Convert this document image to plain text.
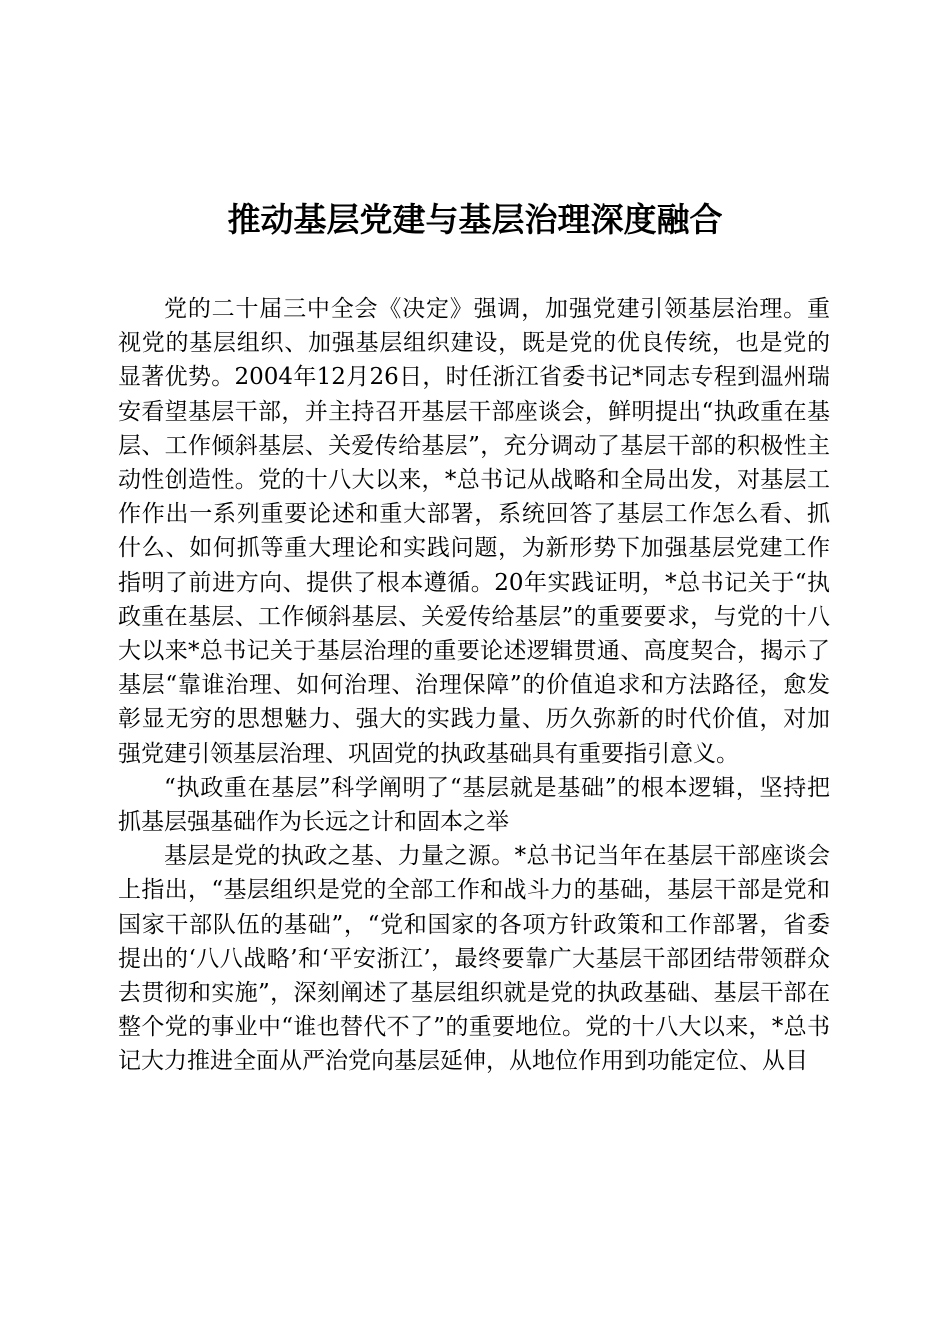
推动基层党建与基层治理深度融合

党的二十届三中全会《决定》强调，加强党建引领基层治理。重视党的基层组织、加强基层组织建设，既是党的优良传统，也是党的显著优势。2004年12月26日，时任浙江省委书记*同志专程到温州瑞安看望基层干部，并主持召开基层干部座谈会，鲜明提出“执政重在基层、工作倾斜基层、关爱传给基层”，充分调动了基层干部的积极性主动性创造性。党的十八大以来，*总书记从战略和全局出发，对基层工作作出一系列重要论述和重大部署，系统回答了基层工作怎么看、抓什么、如何抓等重大理论和实践问题，为新形势下加强基层党建工作指明了前进方向、提供了根本遵循。20年实践证明，*总书记关于“执政重在基层、工作倾斜基层、关爱传给基层”的重要要求，与党的十八大以来*总书记关于基层治理的重要论述逻辑贯通、高度契合，揭示了基层“靠谁治理、如何治理、治理保障”的价值追求和方法路径，愈发彰显无穷的思想魅力、强大的实践力量、历久弥新的时代价值，对加强党建引领基层治理、巩固党的执政基础具有重要指引意义。

“执政重在基层”科学阐明了“基层就是基础”的根本逻辑，坚持把抓基层强基础作为长远之计和固本之举

基层是党的执政之基、力量之源。*总书记当年在基层干部座谈会上指出，“基层组织是党的全部工作和战斗力的基础，基层干部是党和国家干部队伍的基础”，“党和国家的各项方针政策和工作部署，省委提出的‘八八战略’和‘平安浙江’，最终要靠广大基层干部团结带领群众去贯彻和实施”，深刻阐述了基层组织就是党的执政基础、基层干部在整个党的事业中“谁也替代不了”的重要地位。党的十八大以来，*总书记大力推进全面从严治党向基层延伸，从地位作用到功能定位、从目
